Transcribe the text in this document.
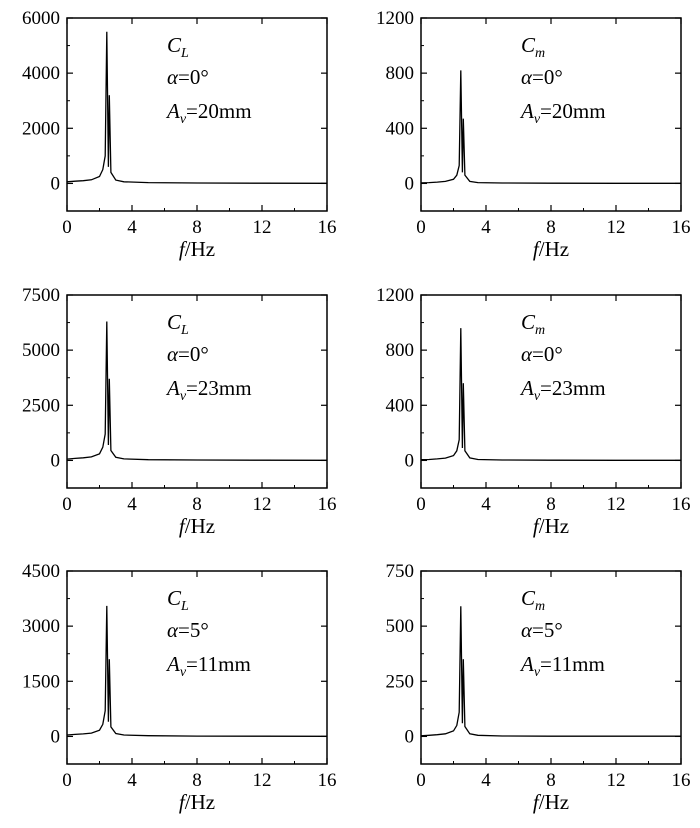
0
2000
4000
6000
0	4	8	12 16
f/Hz
$C_L$
α=0°
$A_v=20mm$
0
400
800
1200
0	4	8	12 16
f/Hz
$C_m$
α=0°
$A_v=20mm$
0
2500
5000
7500
0	4	8	12 16
f/Hz
$C_L$
α=0°
$A_v=23mm$
0
400
800
1200
0	4	8	12 16
f/Hz
$C_m$
α=0°
$A_v=23mm$
0
1500
3000
4500
0	4	8	12 16
f/Hz
$C_L$
α=5°
$A_v=11mm$
0
250
500
750
0	4	8	12 16
f/Hz
$C_m$
α=5°
$A_v=11mm$
